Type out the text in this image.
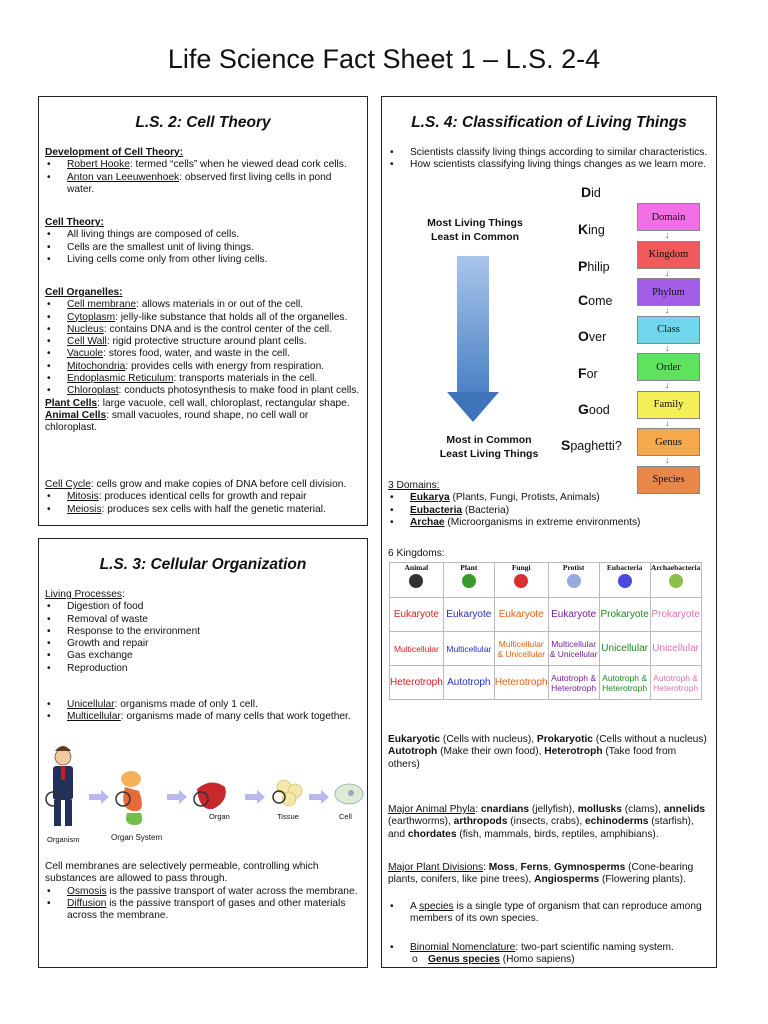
Life Science Fact Sheet 1 – L.S. 2-4
L.S. 2: Cell Theory
Development of Cell Theory:
• Robert Hooke: termed “cells” when he viewed dead cork cells.
• Anton van Leeuwenhoek: observed first living cells in pond water.
Cell Theory:
• All living things are composed of cells.
• Cells are the smallest unit of living things.
• Living cells come only from other living cells.
Cell Organelles:
• Cell membrane: allows materials in or out of the cell.
• Cytoplasm: jelly-like substance that holds all of the organelles.
• Nucleus: contains DNA and is the control center of the cell.
• Cell Wall: rigid protective structure around plant cells.
• Vacuole: stores food, water, and waste in the cell.
• Mitochondria: provides cells with energy from respiration.
• Endoplasmic Reticulum: transports materials in the cell.
• Chloroplast: conducts photosynthesis to make food in plant cells.
Plant Cells: large vacuole, cell wall, chloroplast, rectangular shape.
Animal Cells: small vacuoles, round shape, no cell wall or chloroplast.
Cell Cycle: cells grow and make copies of DNA before cell division.
• Mitosis: produces identical cells for growth and repair
• Meiosis: produces sex cells with half the genetic material.
L.S. 3: Cellular Organization
Living Processes:
• Digestion of food
• Removal of waste
• Response to the environment
• Growth and repair
• Gas exchange
• Reproduction
• Unicellular: organisms made of only 1 cell.
• Multicellular: organisms made of many cells that work together.
Organism	Organ System
Organ	Tissue	Cell
Cell membranes are selectively permeable, controlling which substances are allowed to pass through.
• Osmosis is the passive transport of water across the membrane.
• Diffusion is the passive transport of gases and other materials across the membrane.
L.S. 4: Classification of Living Things
• Scientists classify living things according to similar characteristics.
• How scientists classifying living things changes as we learn more.
Most Living Things
Least in Common
Most in Common
Least Living Things
Did
King
Philip
Come
Over
For
Good
Spaghetti?
Domain
↓
Kingdom
↓
Phylum
↓
Class
↓
Order
↓
Family
↓
Genus
↓
Species
3 Domains:
• Eukarya (Plants, Fungi, Protists, Animals)
• Eubacteria (Bacteria)
• Archae (Microorganisms in extreme environments)
6 Kingdoms:
Animal	Plant	Fungi	Protist	Eubacteria	Archaebacteria

Eukaryote	Eukaryote	Eukaryote	Eukaryote	Prokaryote	Prokaryote
Multicellular	Multicellular	Multicellular & Unicellular	Multicellular & Unicellular	Unicellular	Unicellular
Heterotroph	Autotroph	Heterotroph	Autotroph & Heterotroph	Autotroph & Heterotroph	Autotroph & Heterotroph
Eukaryotic (Cells with nucleus), Prokaryotic (Cells without a nucleus)
Autotroph (Make their own food), Heterotroph (Take food from others)
Major Animal Phyla: cnardians (jellyfish), mollusks (clams), annelids (earthworms), arthropods (insects, crabs), echinoderms (starfish), and chordates (fish, mammals, birds, reptiles, amphibians).
Major Plant Divisions: Moss, Ferns, Gymnosperms (Cone-bearing plants, conifers, like pine trees), Angiosperms (Flowering plants).
• A species is a single type of organism that can reproduce among members of its own species.
• Binomial Nomenclature: two-part scientific naming system.
o Genus species (Homo sapiens)
